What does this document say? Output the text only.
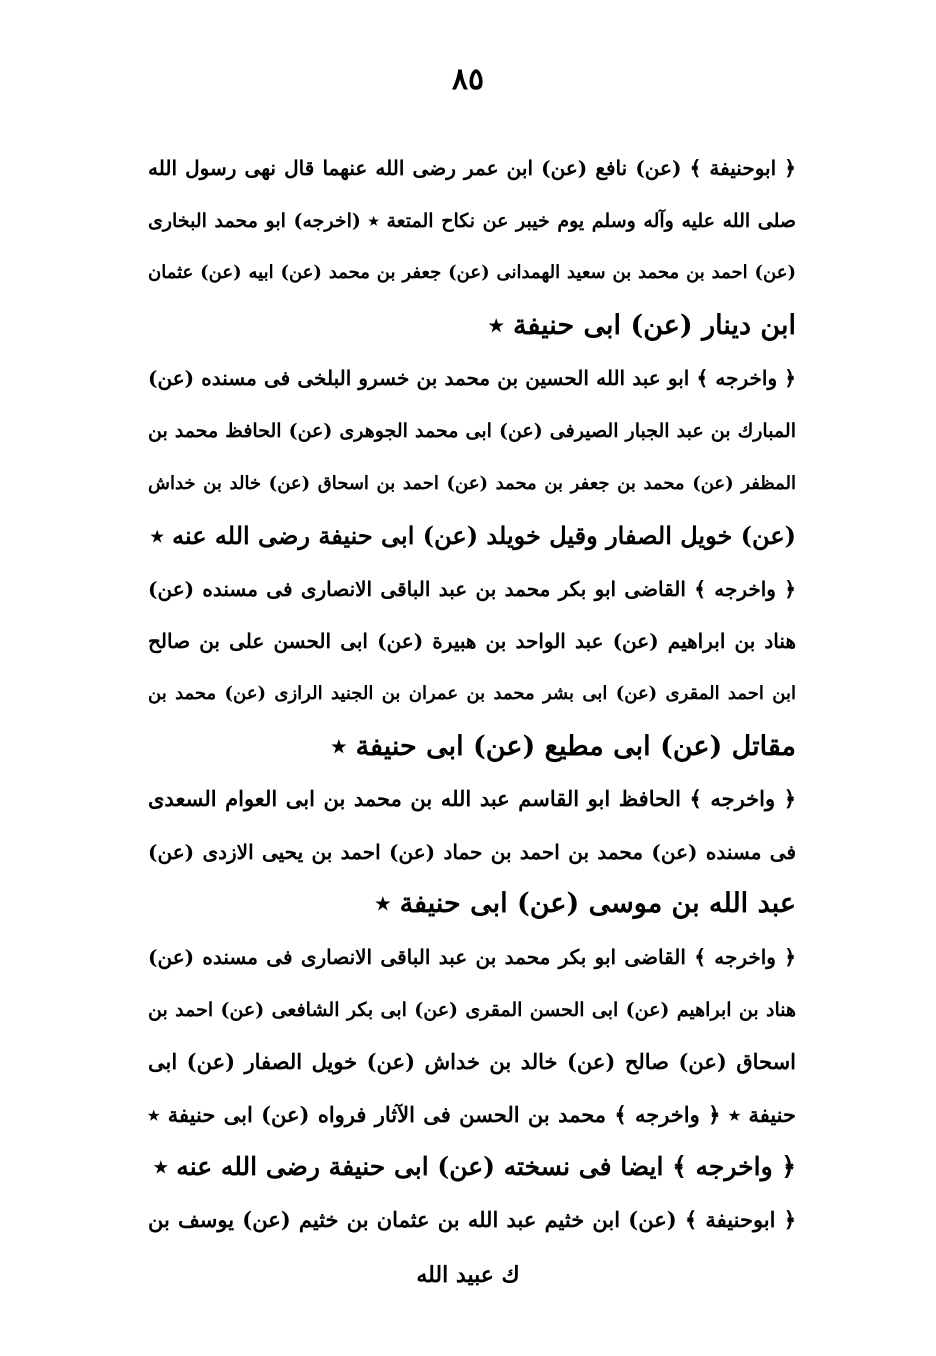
٨٥
﴿ ابوحنيفة ﴾ (عن) نافع (عن) ابن عمر رضی الله عنهما قال نهی رسول الله
صلی الله علیه وآله وسلم یوم خیبر عن نکاح المتعة ٭ (اخرجه) ابو محمد البخاری
(عن) احمد بن محمد بن سعید الهمدانی (عن) جعفر بن محمد (عن) ابیه (عن) عثمان
ابن دینار (عن) ابی حنیفة ٭
﴿ واخرجه ﴾ ابو عبد الله الحسین بن محمد بن خسرو البلخی فی مسنده (عن)
المبارك بن عبد الجبار الصیرفی (عن) ابی محمد الجوهری (عن) الحافظ محمد بن
المظفر (عن) محمد بن جعفر بن محمد (عن) احمد بن اسحاق (عن) خالد بن خداش
(عن) خویل الصفار وقیل خویلد (عن) ابی حنیفة رضی الله عنه ٭
﴿ واخرجه ﴾ القاضی ابو بکر محمد بن عبد الباقی الانصاری فی مسنده (عن)
هناد بن ابراهیم (عن) عبد الواحد بن هبیرة (عن) ابی الحسن علی بن صالح
ابن احمد المقری (عن) ابی بشر محمد بن عمران بن الجنید الرازی (عن) محمد بن
مقاتل (عن) ابی مطیع (عن) ابی حنیفة ٭
﴿ واخرجه ﴾ الحافظ ابو القاسم عبد الله بن محمد بن ابی العوام السعدی
فی مسنده (عن) محمد بن احمد بن حماد (عن) احمد بن یحیی الازدی (عن)
عبد الله بن موسی (عن) ابی حنیفة ٭
﴿ واخرجه ﴾ القاضی ابو بکر محمد بن عبد الباقی الانصاری فی مسنده (عن)
هناد بن ابراهیم (عن) ابی الحسن المقری (عن) ابی بکر الشافعی (عن) احمد بن
اسحاق (عن) صالح (عن) خالد بن خداش (عن) خویل الصفار (عن) ابی
حنیفة ٭ ﴿ واخرجه ﴾ محمد بن الحسن فی الآثار فرواه (عن) ابی حنیفة ٭
﴿ واخرجه ﴾ ایضا فی نسخته (عن) ابی حنیفة رضی الله عنه ٭
﴿ ابوحنیفة ﴾ (عن) ابن خثیم عبد الله بن عثمان بن خثیم (عن) یوسف بن
ك عبید الله
